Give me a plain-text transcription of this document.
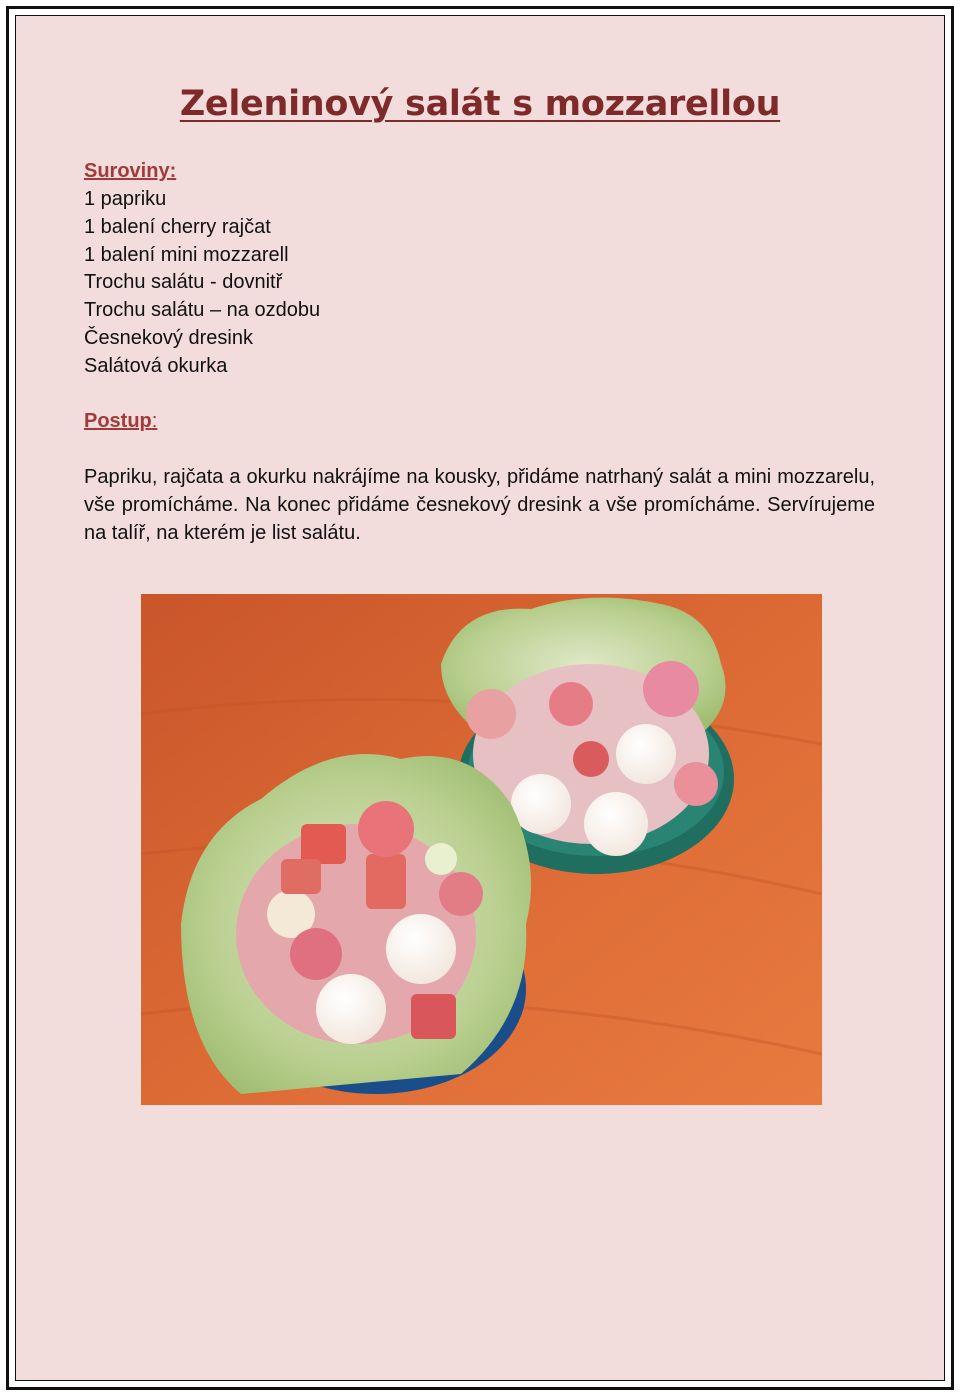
Zeleninový salát s mozzarellou
Suroviny:
1 papriku
1 balení cherry rajčat
1 balení mini mozzarell
Trochu salátu - dovnitř
Trochu salátu – na ozdobu
Česnekový dresink
Salátová okurka
Postup:

Papriku, rajčata a okurku nakrájíme na kousky, přidáme natrhaný salát a mini mozzarelu, vše promícháme. Na konec přidáme česnekový dresink a vše promícháme. Servírujeme na talíř, na kterém je list salátu.
